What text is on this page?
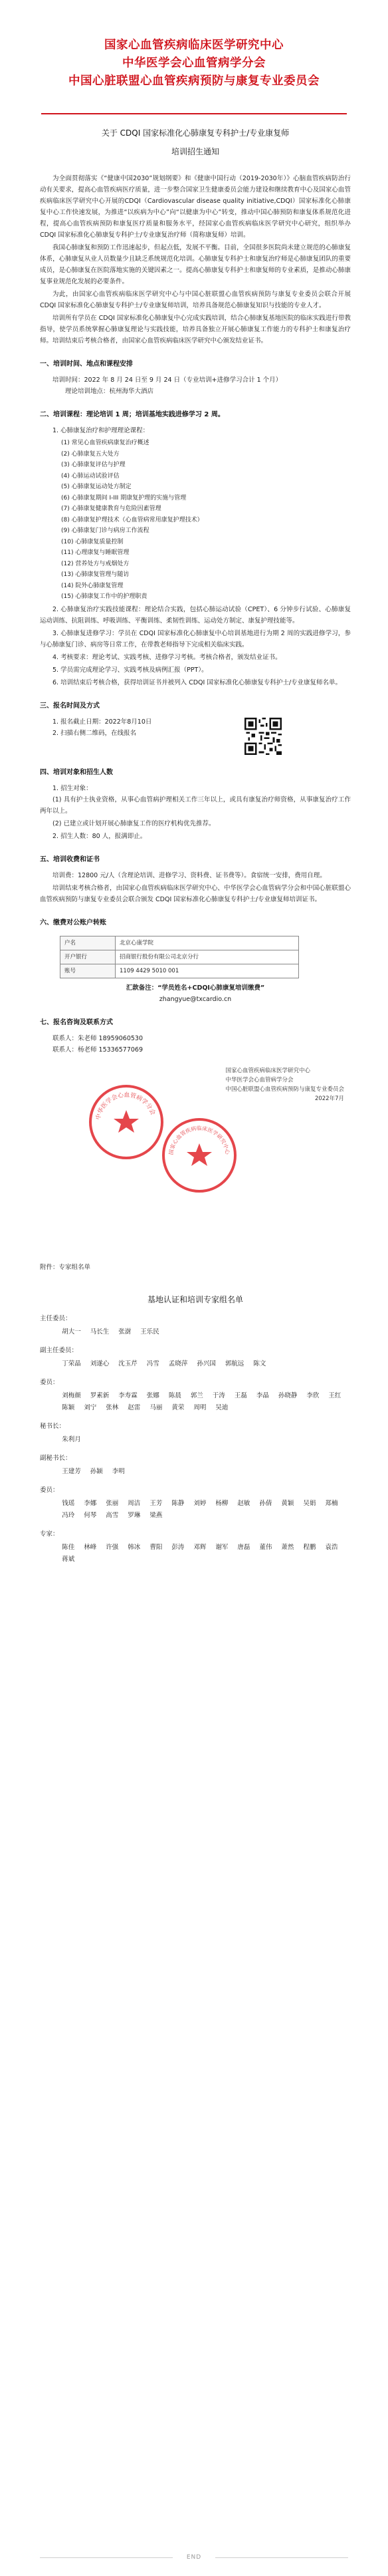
国家心血管疾病临床医学研究中心
中华医学会心血管病学分会
中国心脏联盟心血管疾病预防与康复专业委员会

关于 CDQI 国家标准化心肺康复专科护士/专业康复师

培训招生通知

为全面贯彻落实《“健康中国2030”规划纲要》和《健康中国行动（2019-2030年）》心脑血管疾病防治行动有关要求，提高心血管疾病医疗质量，进一步整合国家卫生健康委员会能力建设和继续教育中心及国家心血管疾病临床医学研究中心开展的CDQI（Cardiovascular disease quality initiative,CDQI）国家标准化心肺康复中心工作快速发展，为推进“以疾病为中心”向“以健康为中心”转变，推动中国心肺预防和康复体系规范化进程，提高心血管疾病预防和康复医疗质量和服务水平，经国家心血管疾病临床医学研究中心研究，组织举办 CDQI 国家标准化心肺康复专科护士/专业康复治疗师（简称康复师）培训。

我国心肺康复和预防工作迅速起步，但起点低，发展不平衡。目前，全国很多医院尚未建立规范的心肺康复体系，心肺康复从业人员数量少且缺乏系统规范化培训。心肺康复专科护士和康复治疗师是心肺康复团队的重要成员，是心肺康复在医院落地实施的关键因素之一。提高心肺康复专科护士和康复师的专业素质，是推动心肺康复事业规范化发展的必要条件。

为此，由国家心血管疾病临床医学研究中心与中国心脏联盟心血管疾病预防与康复专业委员会联合开展CDQI 国家标准化心肺康复专科护士/专业康复师培训，培养具备规范心肺康复知识与技能的专业人才。

培训所有学员在 CDQI 国家标准化心肺康复中心完成实践培训，结合心肺康复基地医院的临床实践进行带教指导，使学员系统掌握心肺康复理论与实践技能，培养具备独立开展心肺康复工作能力的专科护士和康复治疗师。培训结束后考核合格者，由国家心血管疾病临床医学研究中心颁发结业证书。

一、培训时间、地点和课程安排

培训时间：2022 年 8 月 24 日至 9 月 24 日（专业培训+进修学习合计 1 个月）

理论培训地点：杭州海华大酒店

二、培训课程：理论培训 1 周；培训基地实践进修学习 2 周。

1. 心肺康复治疗和护理理论课程：

(1) 常见心血管疾病康复治疗概述
(2) 心肺康复五大处方
(3) 心肺康复评估与护理
(4) 心肺运动试验评估
(5) 心肺康复运动处方制定
(6) 心肺康复期间 I-III 期康复护理的实施与管理
(7) 心肺康复健康教育与危险因素管理
(8) 心肺康复护理技术（心血管病常用康复护理技术）
(9) 心肺康复门诊与病房工作流程
(10) 心肺康复质量控制
(11) 心理康复与睡眠管理
(12) 营养处方与戒烟处方
(13) 心肺康复管理与随访
(14) 院外心肺康复管理
(15) 心肺康复工作中的护理职责

2. 心肺康复治疗实践技能课程：理论结合实践，包括心肺运动试验（CPET）、6 分钟步行试验、心肺康复运动训练、抗阻训练、呼吸训练、平衡训练、柔韧性训练、运动处方制定、康复护理技能等。

3. 心肺康复进修学习：学员在 CDQI 国家标准化心肺康复中心培训基地进行为期 2 周的实践进修学习，参与心肺康复门诊、病房等日常工作，在带教老师指导下完成相关临床实践。

4. 考核要求：理论考试、实践考核、进修学习考核。考核合格者，颁发结业证书。

5. 学员需完成理论学习、实践考核及病例汇报（PPT）。

6. 培训结束后考核合格，获得培训证书并被列入 CDQI 国家标准化心肺康复专科护士/专业康复师名单。

三、报名时间及方式

1. 报名截止日期：2022年8月10日

2. 扫描右侧二维码，在线报名

四、培训对象和招生人数

1. 招生对象：

(1) 具有护士执业资格，从事心血管病护理相关工作三年以上，或具有康复治疗师资格，从事康复治疗工作两年以上。

(2) 已建立或计划开展心肺康复工作的医疗机构优先推荐。

2. 招生人数：80 人，报满即止。

五、培训收费和证书

培训费：12800 元/人（含理论培训、进修学习、资料费、证书费等）。食宿统一安排，费用自理。

培训结束考核合格者，由国家心血管疾病临床医学研究中心、中华医学会心血管病学分会和中国心脏联盟心血管疾病预防与康复专业委员会联合颁发 CDQI 国家标准化心肺康复专科护士/专业康复师培训证书。

六、缴费对公账户转账

户名	北京心康学院
开户银行	招商银行股份有限公司北京分行
账号	1109 4429 5010 001

汇款备注：“学员姓名+CDQI心肺康复培训缴费”

zhangyue@txcardio.cn

七、报名咨询及联系方式

联系人：朱老师 18959060530

联系人：杨老师 15336577069

中华医学会心血管病学分会
国家心血管疾病临床医学研究中心
国家心血管疾病临床医学研究中心
中华医学会心血管病学分会
中国心脏联盟心血管疾病预防与康复专业委员会
2022年7月

附件：专家组名单

基地认证和培训专家组名单

主任委员：

胡大一 马长生 张澍 王乐民

副主任委员：

丁荣晶 刘遂心 沈玉芹 冯雪 孟晓萍 孙兴国 郭航远 陈文

委员：

刘梅颜 罗素新 李寿霖 张娜 陈晨 郭兰 于涛 王磊 李晶 孙晓静 李欣 王红陈颖 刘宁 张林 赵雷 马丽 黄荣 周明 吴迪

秘书长：

朱利月

副秘书长：

王建芳 孙颖 李明

委员：

钱瑶 李娜 张丽 周洁 王芳 陈静 刘婷 杨柳 赵敏 孙倩 黄颖 吴娟 郑楠冯玲 何琴 高雪 罗琳 梁燕

专家：

陈佳 林峰 许强 韩冰 曹阳 彭涛 邓辉 谢军 唐磊 董伟 萧然 程鹏 袁浩蒋斌
END
